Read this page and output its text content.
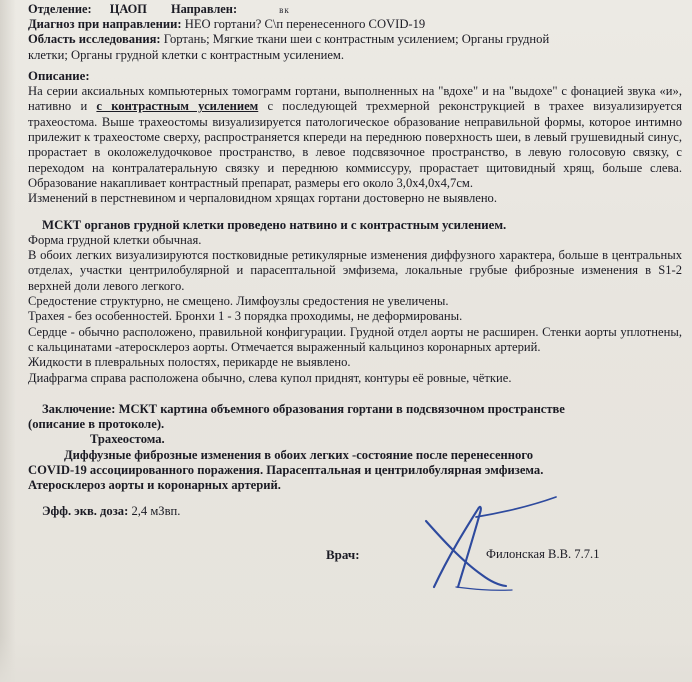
Отделение: ЦАОП Направлен:	вк
Диагноз при направлении: НЕО гортани? С\п перенесенного COVID-19
Область исследования: Гортань; Мягкие ткани шеи с контрастным усилением; Органы грудной
клетки; Органы грудной клетки с контрастным усилением.
Описание:
На серии аксиальных компьютерных томограмм гортани, выполненных на "вдохе" и на "выдохе" с фонацией звука «и», нативно и с контрастным усилением с последующей трехмерной реконструкцией в трахее визуализируется трахеостома. Выше трахеостомы визуализируется патологическое образование неправильной формы, которое интимно прилежит к трахеостоме сверху, распространяется кпереди на переднюю поверхность шеи, в левый грушевидный синус, прорастает в околожелудочковое пространство, в левое подсвязочное пространство, в левую голосовую связку, с переходом на контралатеральную связку и переднюю коммиссуру, прорастает щитовидный хрящ, больше слева. Образование накапливает контрастный препарат, размеры его около 3,0х4,0х4,7см.
Изменений в перстневином и черпаловидном хрящах гортани достоверно не выявлено.
МСКТ органов грудной клетки проведено натвино и с контрастным усилением.
Форма грудной клетки обычная.
В обоих легких визуализируются постковидные ретикулярные изменения диффузного характера, больше в центральных отделах, участки центрилобулярной и парасептальной эмфизема, локальные грубые фиброзные изменения в S1-2 верхней доли левого легкого.
Средостение структурно, не смещено. Лимфоузлы средостения не увеличены.
Трахея - без особенностей. Бронхи 1 - 3 порядка проходимы, не деформированы.
Сердце - обычно расположено, правильной конфигурации. Грудной отдел аорты не расширен. Стенки аорты уплотнены, с кальцинатами -атеросклероз аорты. Отмечается выраженный кальциноз коронарных артерий.
Жидкости в плевральных полостях, перикарде не выявлено.
Диафрагма справа расположена обычно, слева купол приднят, контуры её ровные, чёткие.
Заключение: МСКТ картина объемного образования гортани в подсвязочном пространстве
(описание в протоколе).
Трахеостома.
Диффузные фиброзные изменения в обоих легких -состояние после перенесенного
COVID-19 ассоциированного поражения. Парасептальная и центрилобулярная эмфизема.
Атеросклероз аорты и коронарных артерий.
Эфф. экв. доза: 2,4 мЗвп.
Врач:	Филонская В.В. 7.7.1
